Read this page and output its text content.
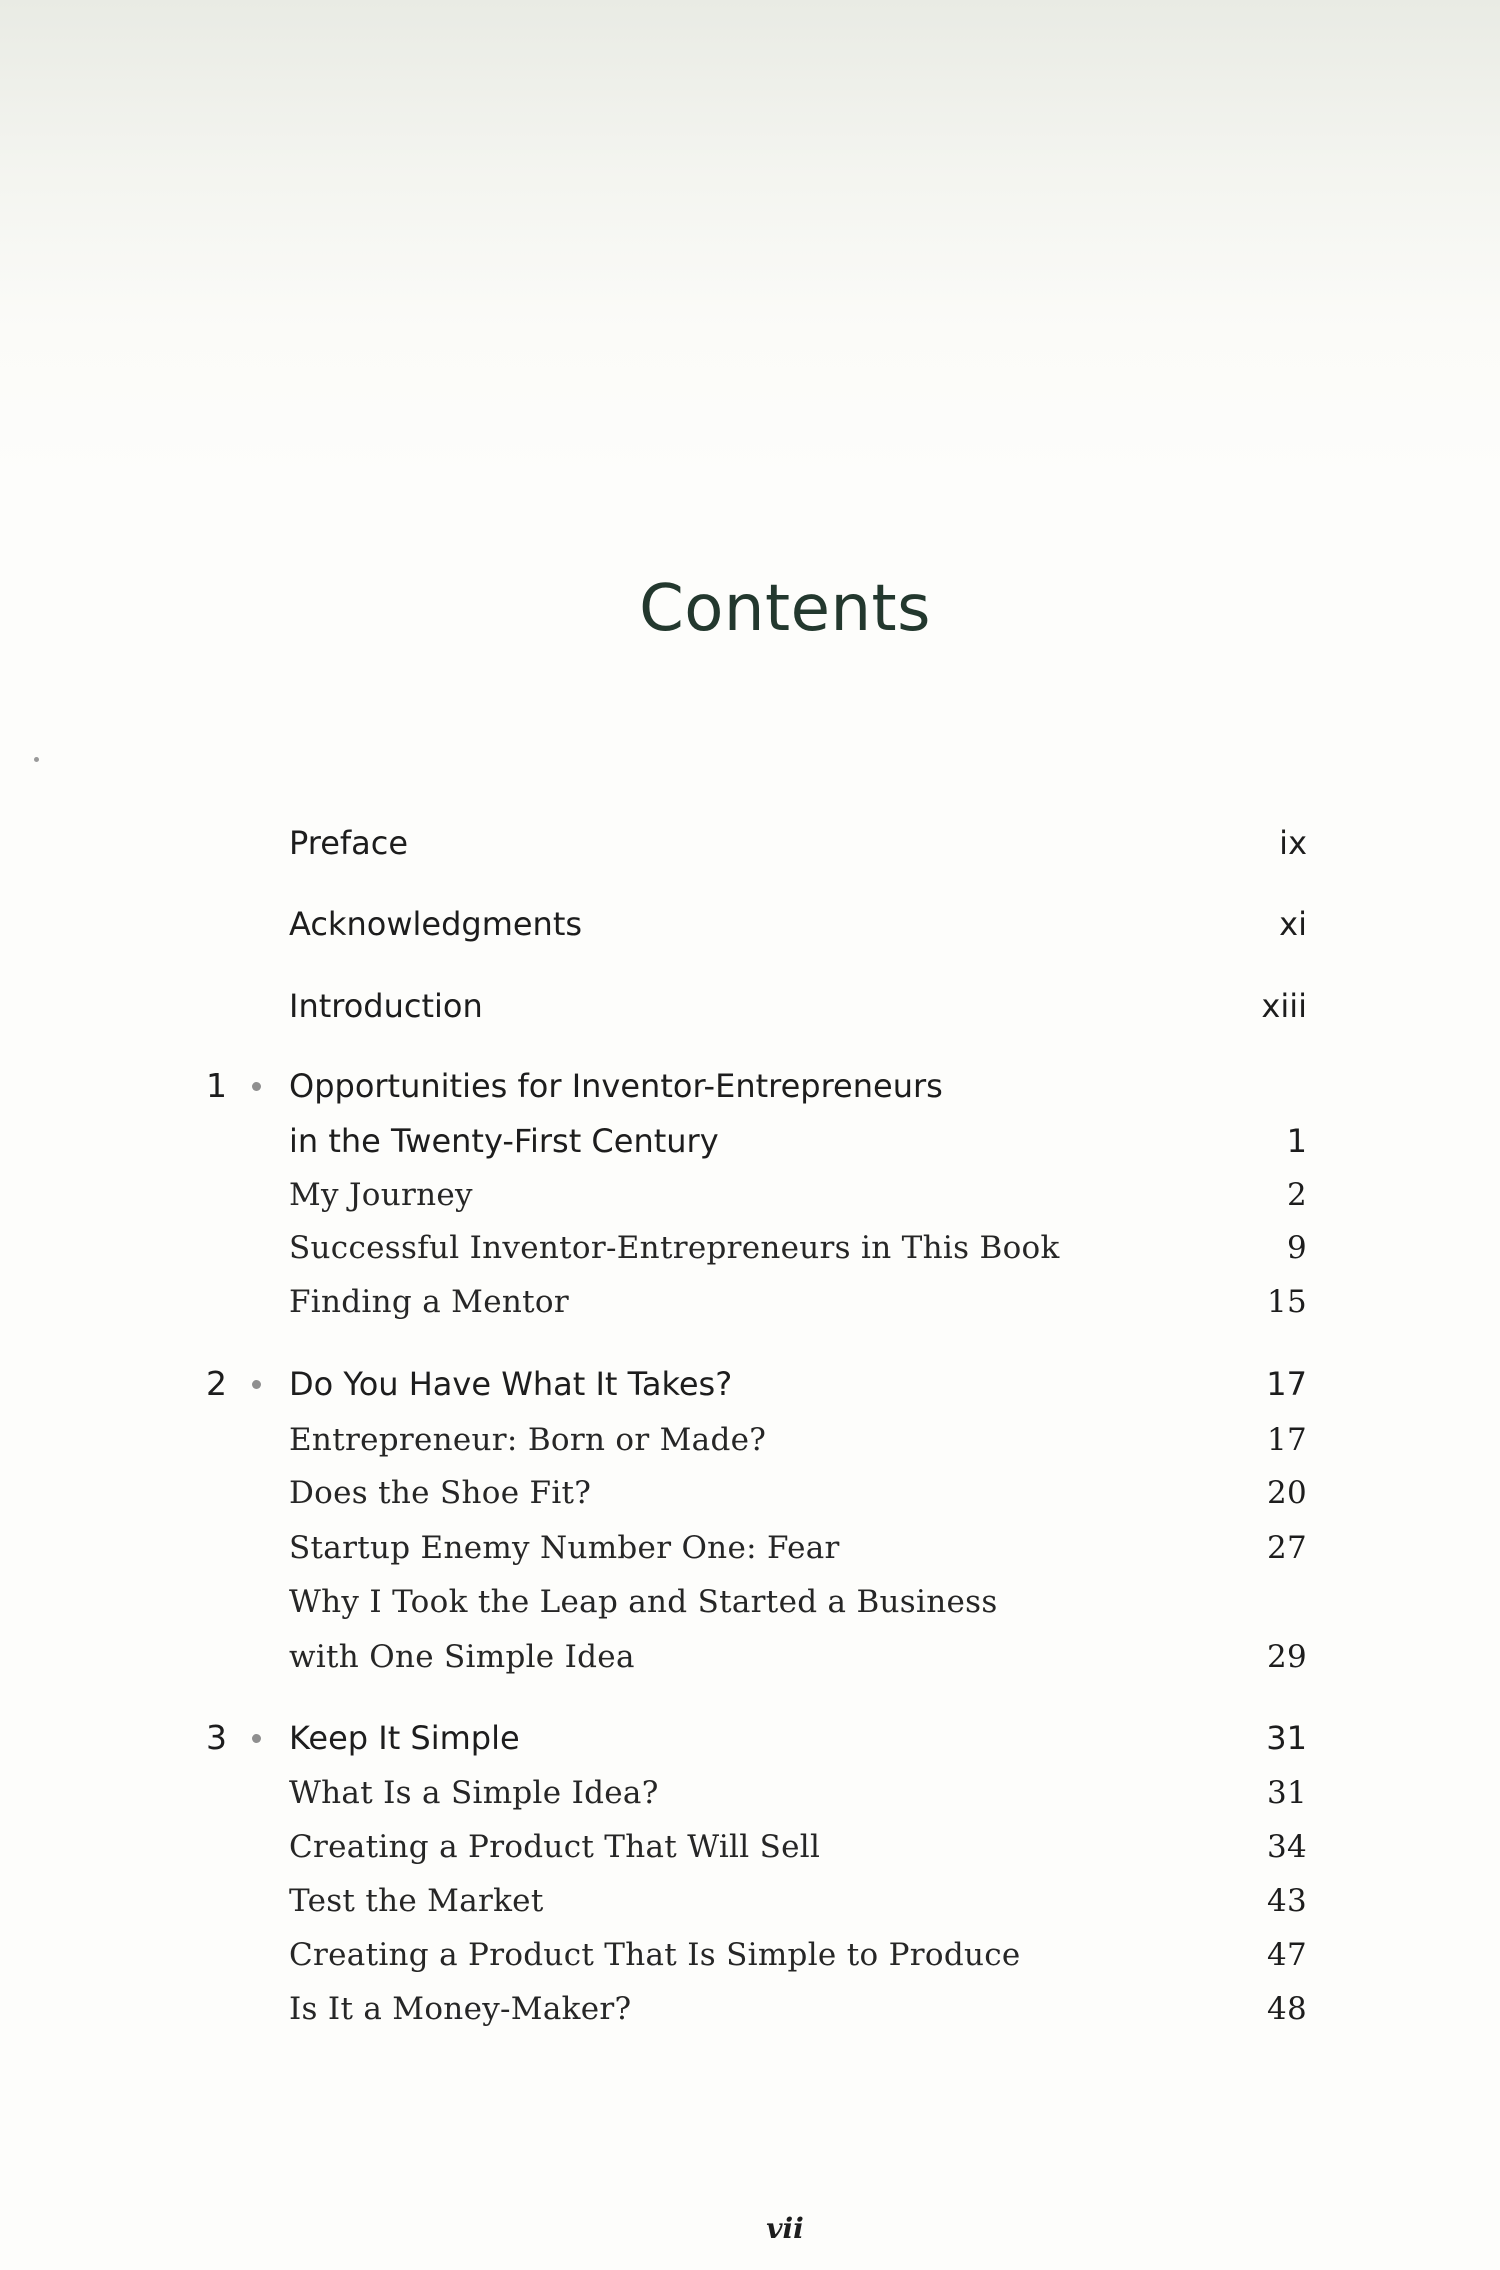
Contents
Preface	ix
Acknowledgments	xi
Introduction	xiii
1 Opportunities for Inventor-Entrepreneurs
in the Twenty-First Century	1
My Journey	2
Successful Inventor-Entrepreneurs in This Book	9
Finding a Mentor	15
2 Do You Have What It Takes?	17
Entrepreneur: Born or Made?	17
Does the Shoe Fit?	20
Startup Enemy Number One: Fear	27
Why I Took the Leap and Started a Business
with One Simple Idea	29
3 Keep It Simple	31
What Is a Simple Idea?	31
Creating a Product That Will Sell	34
Test the Market	43
Creating a Product That Is Simple to Produce	47
Is It a Money-Maker?	48
vii
